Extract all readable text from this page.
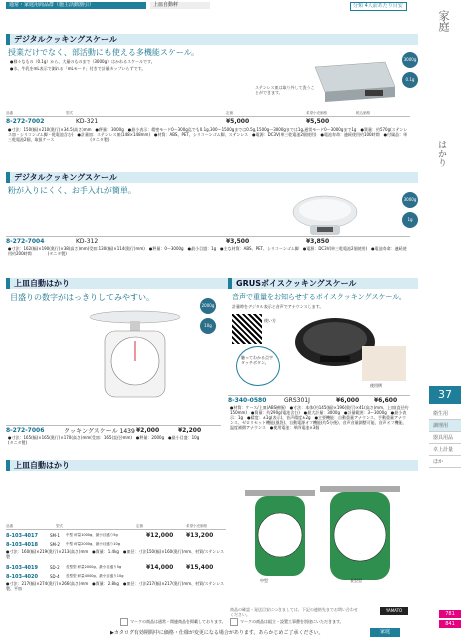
通常・家庭用商品群（施主活動割引）	上皿自動秤	分類 4人前あたり目安
家庭
はかり
37
衛生用
調理用
器具用品
卓上計量
ほか
781
841
デジタルクッキングスケール
授業だけでなく、部活動にも使える多機能スケール。
●様々なもの（0.1g）から、大量のものまで（3000g）はかれるスケールです。
●水、牛乳をmL表示で測れる「mLモード」付きで計量カップいらずです。
ステンレス皿は取り外して洗うことができます。
3000g
0.1g
品番	型式	定価	希望小売価格	税込価格
8-272-7002	KD-321	¥5,000	¥5,500
●寸法：150(幅)×210(奥行)×34.5(高さ)mm　●秤量：3000g　●最小表示：精密モード0〜300g迄でも0.1g,300〜1500gまでは0.5g,1500g〜3000gまでは1g,通常モード0〜3000gまで1g　●質量：約570g(ステンレス皿・シリコンゴム脚・乾電池含む)　●計量皿：ステンレス皿(148×148mm)　●材質：ABS、PET、シリコーンゴム脚、ステンレス　●電源：DC3V(単三乾電池2個使用)　●電池寿命：連続使用約100時間　●付属品：単三乾電池2個、取扱ケース　　　　　　　　　(タニタ製)
デジタルクッキングスケール
粉が入りにくく、お手入れが簡単。
3000g
1g
8-272-7004	KD-312	¥3,500	¥3,850
●寸法：162(幅)×190(奥行)×38(高さ)mm(受皿:130(幅)×114(奥行)mm)　●秤量：0〜3000g　●最小目盛：1g　●主な材質：ABS、PET、シリコーンゴム脚　●電源：DC3V(単三乾電池2個使用)　●電池寿命：連続使用約200時間　　　　(タニタ製)
上皿自動はかり
目盛りの数字がはっきりしてみやすい。
2000g
10g
8-272-7006	クッキングスケール 1439 ¥2,000	¥2,200
●寸法：165(幅)×165(奥行)×170(高さ)mm(受皿：165(直径)mm)　●秤量：2000g　●最小目盛：10g　　　　　　　　　　　　　(タニタ製)
GRUSボイスクッキングスケール
音声で重量をお知らせするボイスクッキングスケール。
計量時をデジタル表示と音声でアナウンスします。
使い方
触ってわかる点字タッチボタン。
使用例
8-340-0580	GRS301J	¥6,000	¥6,600
●材質：ケース/上皿(ABS樹脂)　●寸法：本体(約145(幅)×196(奥行)×41(高さ)mm、上皿(直径約150mm)　●質量：約290g(電池含む)　●最大計量：3000g　●計量範囲：3〜3000g　●最小表示：1g　●精度：±1g(表示)、音声精度±2g　●主要機能：自動重量アナウンス、手動重量アナウンス、ゼロリセット機能(風袋)、自動電源オフ機能(約5分後)、音声音量調整可能、音声オフ機能、温度補償アナウンス　●使用電池：単四電池×3個
上皿自動はかり
品番	型式	定価	希望小売価格
8-103-4017	SM-1	中型 秤量1000g、最小目盛り5g	¥12,000	¥13,200
8-103-4018	SM-2	中型 秤量2000g、最小目盛り10g
●寸法：160(幅)×219(奥行)×213(高さ)mm　●質量：1.4kg　●皿径：寸法150(幅)×160(奥行)mm、材質/ステンレス製
8-103-4019	SD-2	長型型 秤量2000g、最小目盛り5g	¥14,000	¥15,400
8-103-4020	SD-4	長型型 秤量4000g、最小目盛り10g
●寸法：217(幅)×274(奥行)×266(高さ)mm　●質量：2.8kg　●皿径：寸法217(幅)×217(奥行)mm、材質/ステンレス製、平皿
中型	長型型
商品の確認・発送目安につきましては、下記の連絡先までお問い合わせください。
YAMATO
マークの商品は通常・関連商品を掲載しております。	マークの商品は組立・設置工事費を別途にいただきます。
▶カタログ有効期間中に価格・仕様が変更になる場合があります。あらかじめご了承ください。	家庭
